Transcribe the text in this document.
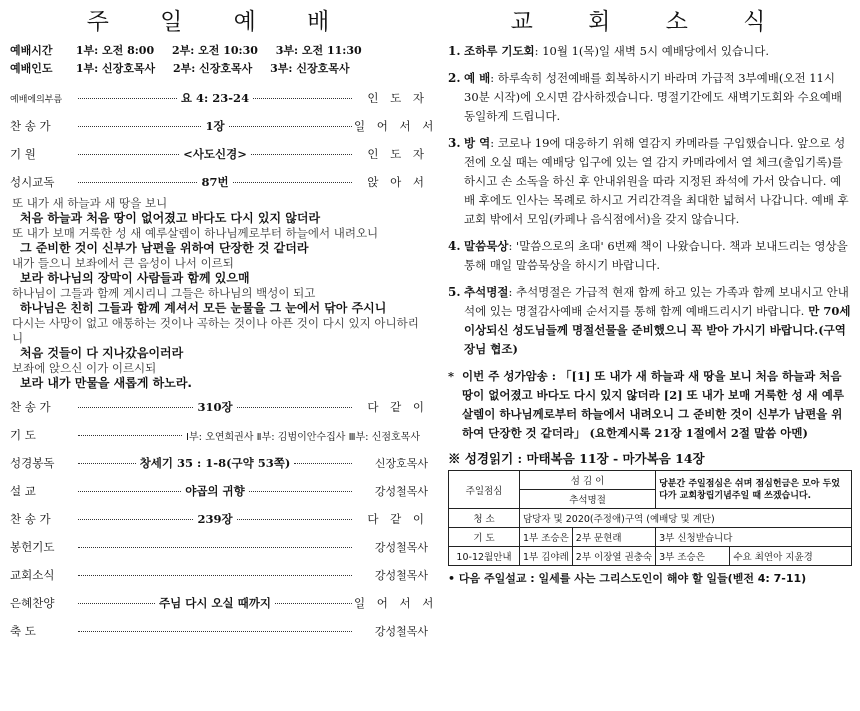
주 일 예 배
예배시간 1부: 오전 8:00 2부: 오전 10:30 3부: 오전 11:30
예배인도 1부: 신장호목사 2부: 신장호목사 3부: 신장호목사
예배에의부름	요 4: 23-24	인 도 자
찬 송 가	1장	일 어 서 서
기 원	<사도신경>	인 도 자
성시교독	87번	앉 아 서
또 내가 새 하늘과 새 땅을 보니
처음 하늘과 처음 땅이 없어졌고 바다도 다시 있지 않더라
또 내가 보매 거룩한 성 새 예루살렘이 하나님께로부터 하늘에서 내려오니
그 준비한 것이 신부가 남편을 위하여 단장한 것 같더라
내가 들으니 보좌에서 큰 음성이 나서 이르되
보라 하나님의 장막이 사람들과 함께 있으매
하나님이 그들과 함께 계시리니 그들은 하나님의 백성이 되고
하나님은 친히 그들과 함께 계셔서 모든 눈물을 그 눈에서 닦아 주시니
다시는 사망이 없고 애통하는 것이나 곡하는 것이나 아픈 것이 다시 있지 아니하리니
처음 것들이 다 지나갔음이러라
보좌에 앉으신 이가 이르시되
보라 내가 만물을 새롭게 하노라.
찬 송 가	310장	다 같 이
기 도	Ⅰ부: 오연희권사 Ⅱ부: 김범이안수집사 Ⅲ부: 신점호목사
성경봉독	창세기 35 : 1-8(구약 53쪽)	신장호목사
설 교	야곱의 귀향	강성철목사
찬 송 가	239장	다 같 이
봉헌기도	강성철목사
교회소식	강성철목사
은혜찬양	주님 다시 오실 때까지	일 어 서 서
축 도	강성철목사
교 회 소 식
1. 조하루 기도회: 10월 1(목)일 새벽 5시 예배당에서 있습니다.
2. 예 배: 하루속히 성전예배를 회복하시기 바라며 가급적 3부예배(오전 11시 30분 시작)에 오시면 감사하겠습니다. 명절기간에도 새벽기도회와 수요예배 동일하게 드립니다.
3. 방 역: 코로나 19에 대응하기 위해 열감지 카메라를 구입했습니다. 앞으로 성전에 오실 때는 예배당 입구에 있는 열 감지 카메라에서 열 체크(출입기록)를 하시고 손 소독을 하신 후 안내위원을 따라 지정된 좌석에 가서 앉습니다. 예배 후에도 인사는 목례로 하시고 거리간격을 최대한 넓혀서 나갑니다. 예배 후 교회 밖에서 모임(카페나 음식점에서)을 갖지 않습니다.
4. 말씀묵상: '말씀으로의 초대' 6번째 책이 나왔습니다. 책과 보내드리는 영상을 통해 매일 말씀묵상을 하시기 바랍니다.
5. 추석명절: 추석명절은 가급적 현재 함께 하고 있는 가족과 함께 보내시고 안내석에 있는 명절감사예배 순서지를 통해 함께 예배드리시기 바랍니다. 만 70세 이상되신 성도님들께 명절선물을 준비했으니 꼭 받아 가시기 바랍니다.(구역장님 협조)
* 이번 주 성가암송 : 「[1] 또 내가 새 하늘과 새 땅을 보니 처음 하늘과 처음 땅이 없어졌고 바다도 다시 있지 않더라 [2] 또 내가 보매 거룩한 성 새 예루살렘이 하나님께로부터 하늘에서 내려오니 그 준비한 것이 신부가 남편을 위하여 단장한 것 같더라」 (요한계시록 21장 1절에서 2절 말씀 아멘)
※ 성경읽기 : 마태복음 11장 - 마가복음 14장
주일점심	섬 김 이		당분간 주일점심은 쉬며 점심헌금은 모아 두었다가 교회창립기념주일 때 쓰겠습니다.	
	추석명절			
청 소	담당자 및 2020(주정애)구역 (예배당 및 계단)			
기 도	1부 조승은	2부 문현래	3부 신청받습니다	
10-12월안내	1부 김야레	2부 이장열 권충숙	3부 조승은	수요 최연아 지윤경
• 다음 주일설교 : 일세를 사는 그리스도인이 해야 할 일들(벧전 4: 7-11)
